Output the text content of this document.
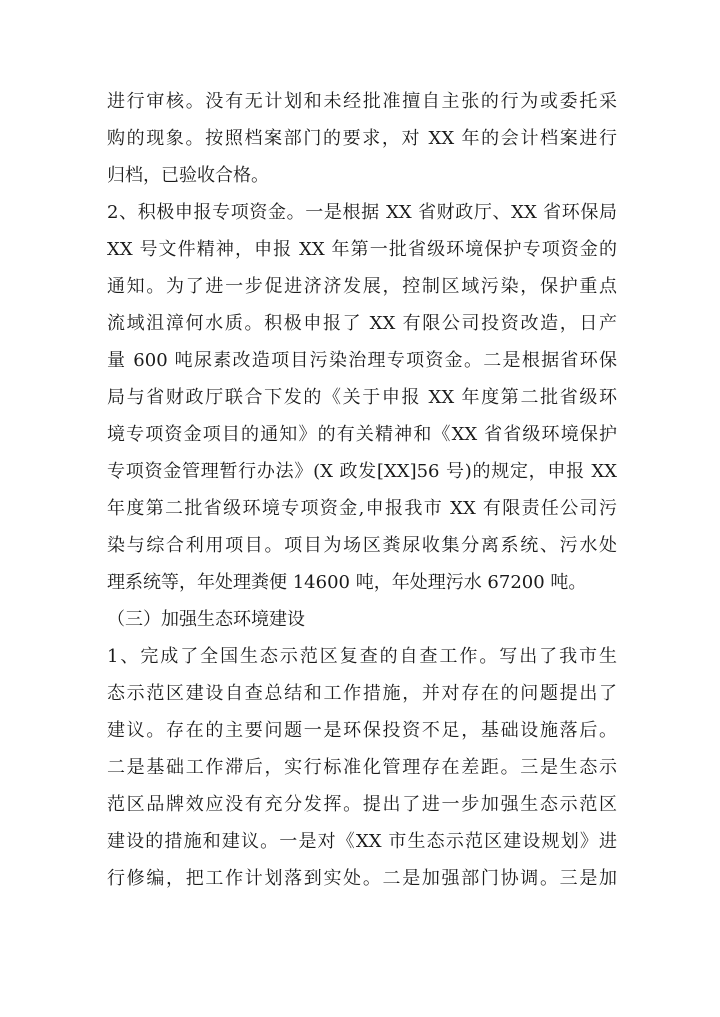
进行审核。没有无计划和未经批准擅自主张的行为或委托采
购的现象。按照档案部门的要求，对 XX 年的会计档案进行
归档，已验收合格。
2、积极申报专项资金。一是根据 XX 省财政厅、XX 省环保局
XX 号文件精神，申报 XX 年第一批省级环境保护专项资金的
通知。为了进一步促进济济发展，控制区域污染，保护重点
流域沮漳何水质。积极申报了 XX 有限公司投资改造，日产
量 600 吨尿素改造项目污染治理专项资金。二是根据省环保
局与省财政厅联合下发的《关于申报 XX 年度第二批省级环
境专项资金项目的通知》的有关精神和《XX 省省级环境保护
专项资金管理暂行办法》(X 政发[XX]56 号)的规定，申报 XX
年度第二批省级环境专项资金,申报我市 XX 有限责任公司污
染与综合利用项目。项目为场区粪尿收集分离系统、污水处
理系统等，年处理粪便 14600 吨，年处理污水 67200 吨。
（三）加强生态环境建设
1、完成了全国生态示范区复查的自查工作。写出了我市生
态示范区建设自查总结和工作措施，并对存在的问题提出了
建议。存在的主要问题一是环保投资不足，基础设施落后。
二是基础工作滞后，实行标准化管理存在差距。三是生态示
范区品牌效应没有充分发挥。提出了进一步加强生态示范区
建设的措施和建议。一是对《XX 市生态示范区建设规划》进
行修编，把工作计划落到实处。二是加强部门协调。三是加
